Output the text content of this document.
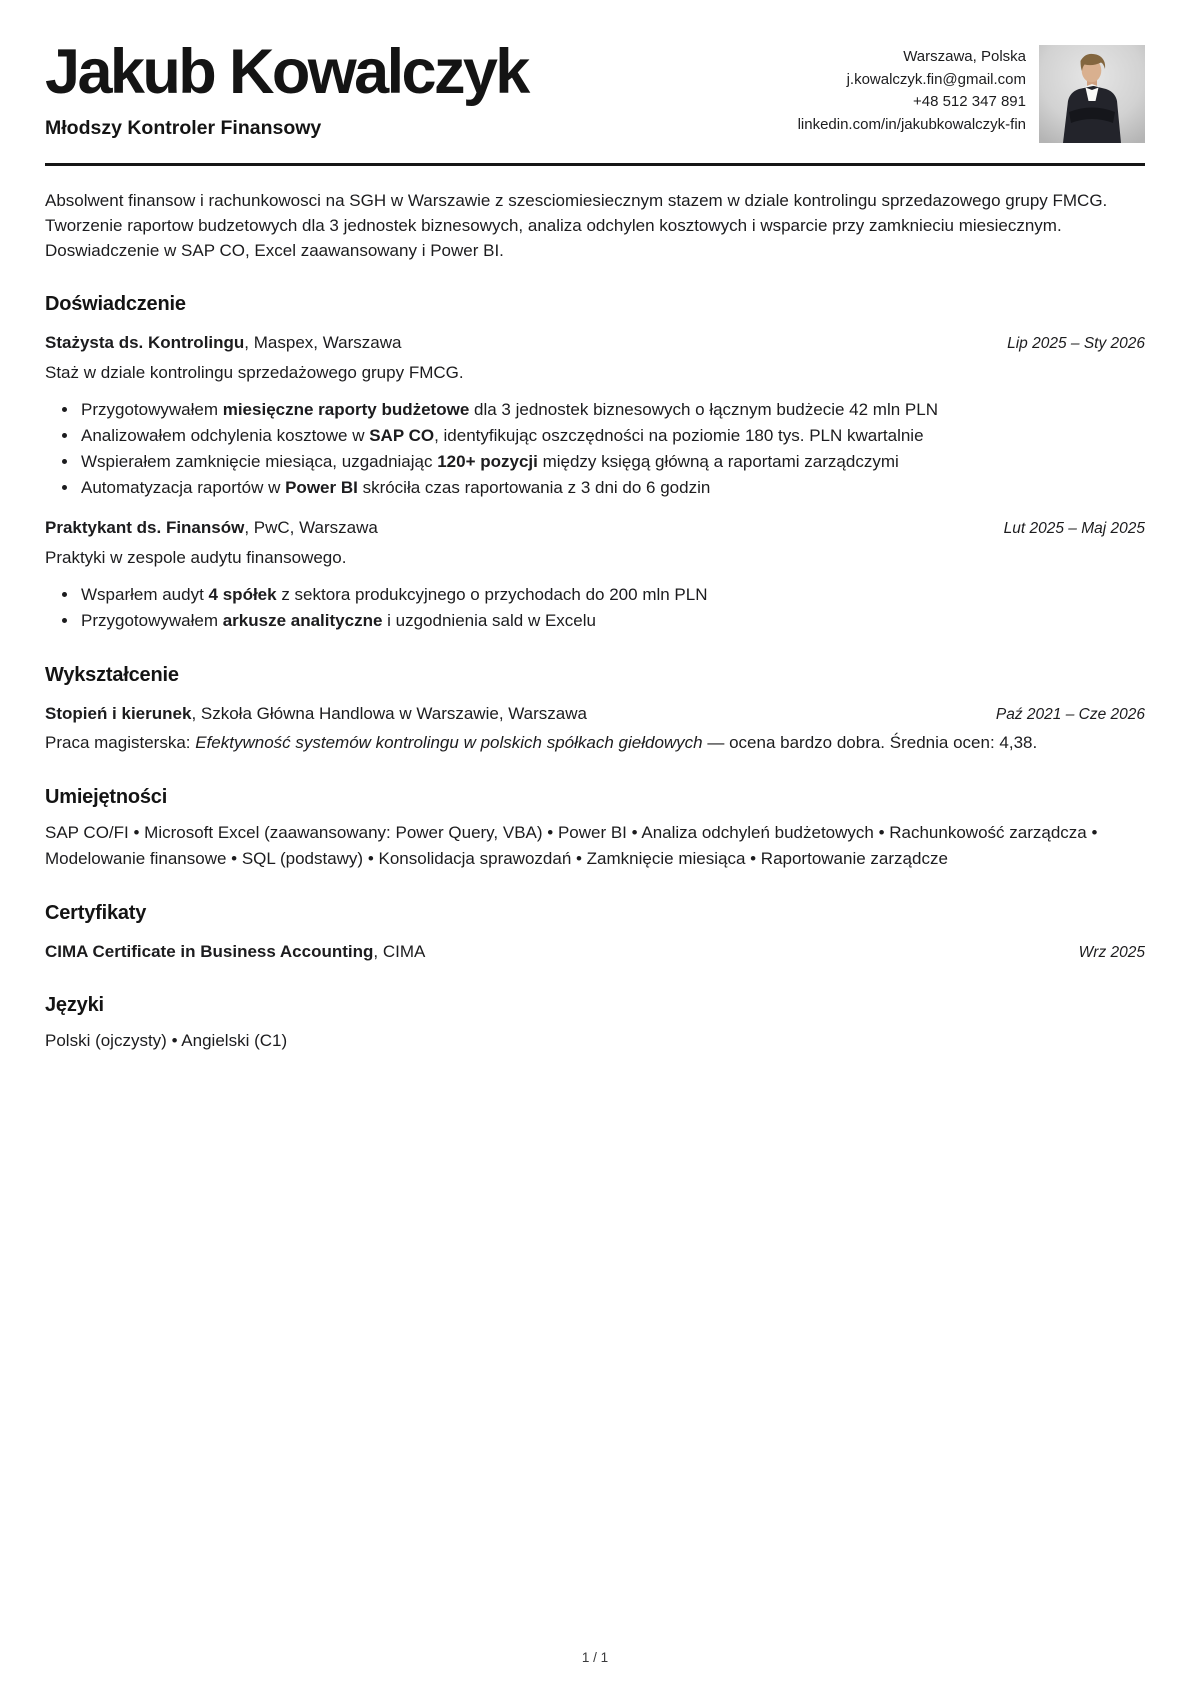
Jakub Kowalczyk
Młodszy Kontroler Finansowy
Warszawa, Polska
j.kowalczyk.fin@gmail.com
+48 512 347 891
linkedin.com/in/jakubkowalczyk-fin

Absolwent finansow i rachunkowosci na SGH w Warszawie z szesciomiesiecznym stazem w dziale kontrolingu sprzedazowego grupy FMCG. Tworzenie raportow budzetowych dla 3 jednostek biznesowych, analiza odchylen kosztowych i wsparcie przy zamknieciu miesiecznym. Doswiadczenie w SAP CO, Excel zaawansowany i Power BI.

Doświadczenie
Stażysta ds. Kontrolingu, Maspex, Warszawa	Lip 2025 – Sty 2026

Staż w dziale kontrolingu sprzedażowego grupy FMCG.

• Przygotowywałem miesięczne raporty budżetowe dla 3 jednostek biznesowych o łącznym budżecie 42 mln PLN
• Analizowałem odchylenia kosztowe w SAP CO, identyfikując oszczędności na poziomie 180 tys. PLN kwartalnie
• Wspierałem zamknięcie miesiąca, uzgadniając 120+ pozycji między księgą główną a raportami zarządczymi
• Automatyzacja raportów w Power BI skróciła czas raportowania z 3 dni do 6 godzin
Praktykant ds. Finansów, PwC, Warszawa	Lut 2025 – Maj 2025

Praktyki w zespole audytu finansowego.

• Wsparłem audyt 4 spółek z sektora produkcyjnego o przychodach do 200 mln PLN
• Przygotowywałem arkusze analityczne i uzgodnienia sald w Excelu
Wykształcenie
Stopień i kierunek, Szkoła Główna Handlowa w Warszawie, Warszawa	Paź 2021 – Cze 2026

Praca magisterska: Efektywność systemów kontrolingu w polskich spółkach giełdowych — ocena bardzo dobra. Średnia ocen: 4,38.

Umiejętności

SAP CO/FI • Microsoft Excel (zaawansowany: Power Query, VBA) • Power BI • Analiza odchyleń budżetowych • Rachunkowość zarządcza • Modelowanie finansowe • SQL (podstawy) • Konsolidacja sprawozdań • Zamknięcie miesiąca • Raportowanie zarządcze

Certyfikaty
CIMA Certificate in Business Accounting, CIMA	Wrz 2025
Języki

Polski (ojczysty) • Angielski (C1)

1 / 1
